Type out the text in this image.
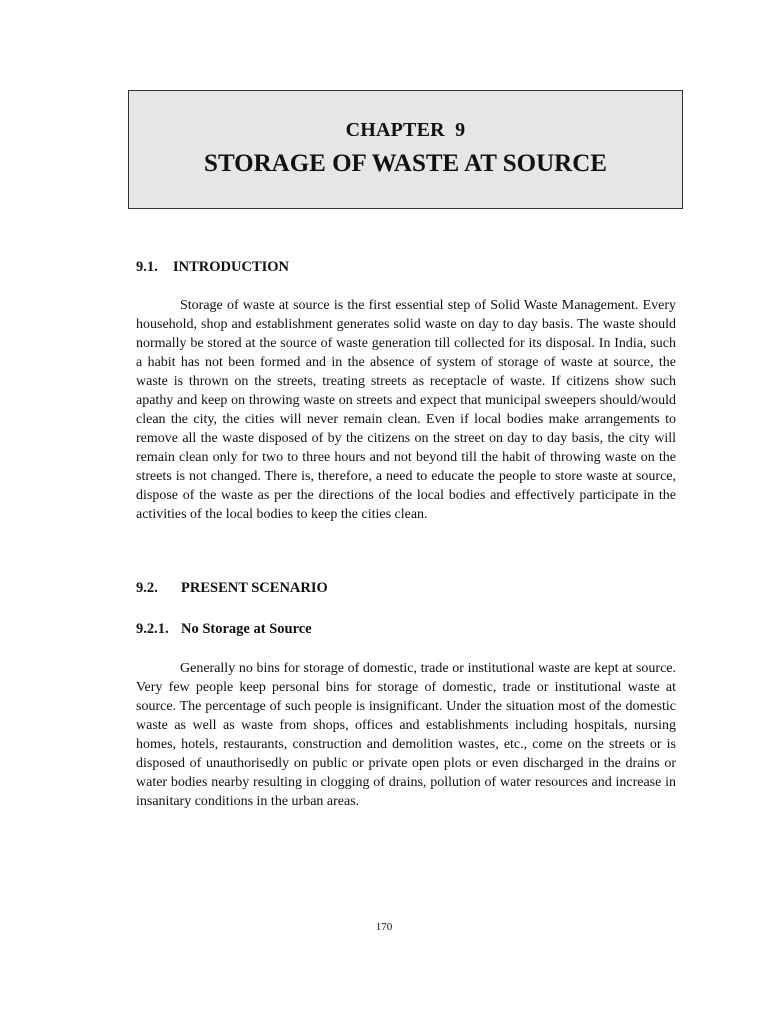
CHAPTER  9
STORAGE OF WASTE AT SOURCE
9.1. INTRODUCTION

Storage of waste at source is the first essential step of Solid Waste Management. Every household, shop and establishment generates solid waste on day to day basis. The waste should normally be stored at the source of waste generation till collected for its disposal. In India, such a habit has not been formed and in the absence of system of storage of waste at source, the waste is thrown on the streets, treating streets as receptacle of waste. If citizens show such apathy and keep on throwing waste on streets and expect that municipal sweepers should/would clean the city, the cities will never remain clean. Even if local bodies make arrangements to remove all the waste disposed of by the citizens on the street on day to day basis, the city will remain clean only for two to three hours and not beyond till the habit of throwing waste on the streets is not changed. There is, therefore, a need to educate the people to store waste at source, dispose of the waste as per the directions of the local bodies and effectively participate in the activities of the local bodies to keep the cities clean.

9.2. PRESENT SCENARIO
9.2.1. No Storage at Source

Generally no bins for storage of domestic, trade or institutional waste are kept at source. Very few people keep personal bins for storage of domestic, trade or institutional waste at source. The percentage of such people is insignificant. Under the situation most of the domestic waste as well as waste from shops, offices and establishments including hospitals, nursing homes, hotels, restaurants, construction and demolition wastes, etc., come on the streets or is disposed of unauthorisedly on public or private open plots or even discharged in the drains or water bodies nearby resulting in clogging of drains, pollution of water resources and increase in insanitary conditions in the urban areas.

170
